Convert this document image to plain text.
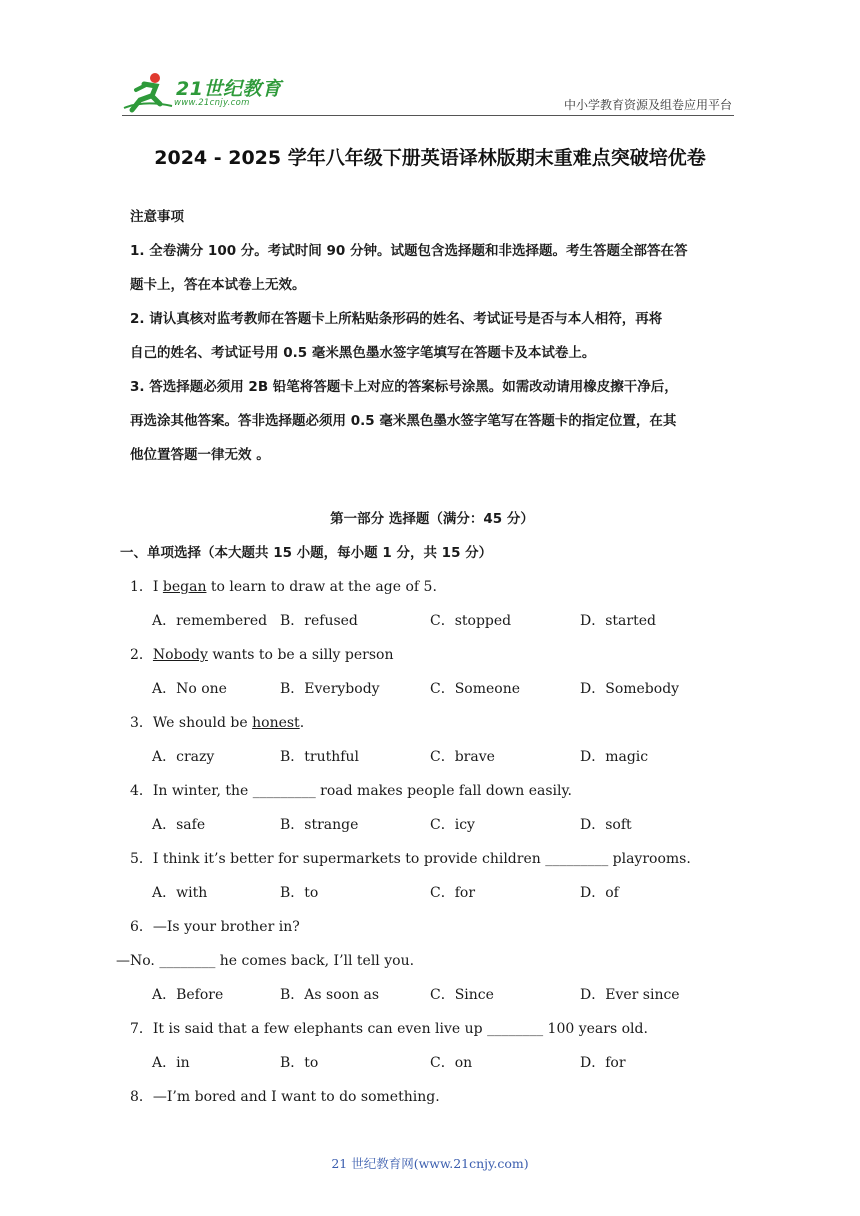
21世纪教育
www.21cnjy.com	中小学教育资源及组卷应用平台
2024 - 2025 学年八年级下册英语译林版期末重难点突破培优卷
注意事项
1. 全卷满分 100 分。考试时间 90 分钟。试题包含选择题和非选择题。考生答题全部答在答
题卡上，答在本试卷上无效。
2. 请认真核对监考教师在答题卡上所粘贴条形码的姓名、考试证号是否与本人相符，再将
自己的姓名、考试证号用 0.5 毫米黑色墨水签字笔填写在答题卡及本试卷上。
3. 答选择题必须用 2B 铅笔将答题卡上对应的答案标号涂黑。如需改动请用橡皮擦干净后，
再选涂其他答案。答非选择题必须用 0.5 毫米黑色墨水签字笔写在答题卡的指定位置，在其
他位置答题一律无效 。
第一部分 选择题（满分：45 分）
一、单项选择（本大题共 15 小题，每小题 1 分，共 15 分）
1．I began to learn to draw at the age of 5.
A．remembered B．refused	C．stopped	D．started
2．Nobody wants to be a silly person
A．No one	B．Everybody	C．Someone	D．Somebody
3．We should be honest.
A．crazy	B．truthful	C．brave	D．magic
4．In winter, the _________ road makes people fall down easily.
A．safe	B．strange	C．icy	D．soft
5．I think it’s better for supermarkets to provide children _________ playrooms.
A．with	B．to	C．for	D．of
6．—Is your brother in?
—No. ________ he comes back, I’ll tell you.
A．Before	B．As soon as	C．Since	D．Ever since
7．It is said that a few elephants can even live up ________ 100 years old.
A．in	B．to	C．on	D．for
8．—I’m bored and I want to do something.
21 世纪教育网(www.21cnjy.com)
